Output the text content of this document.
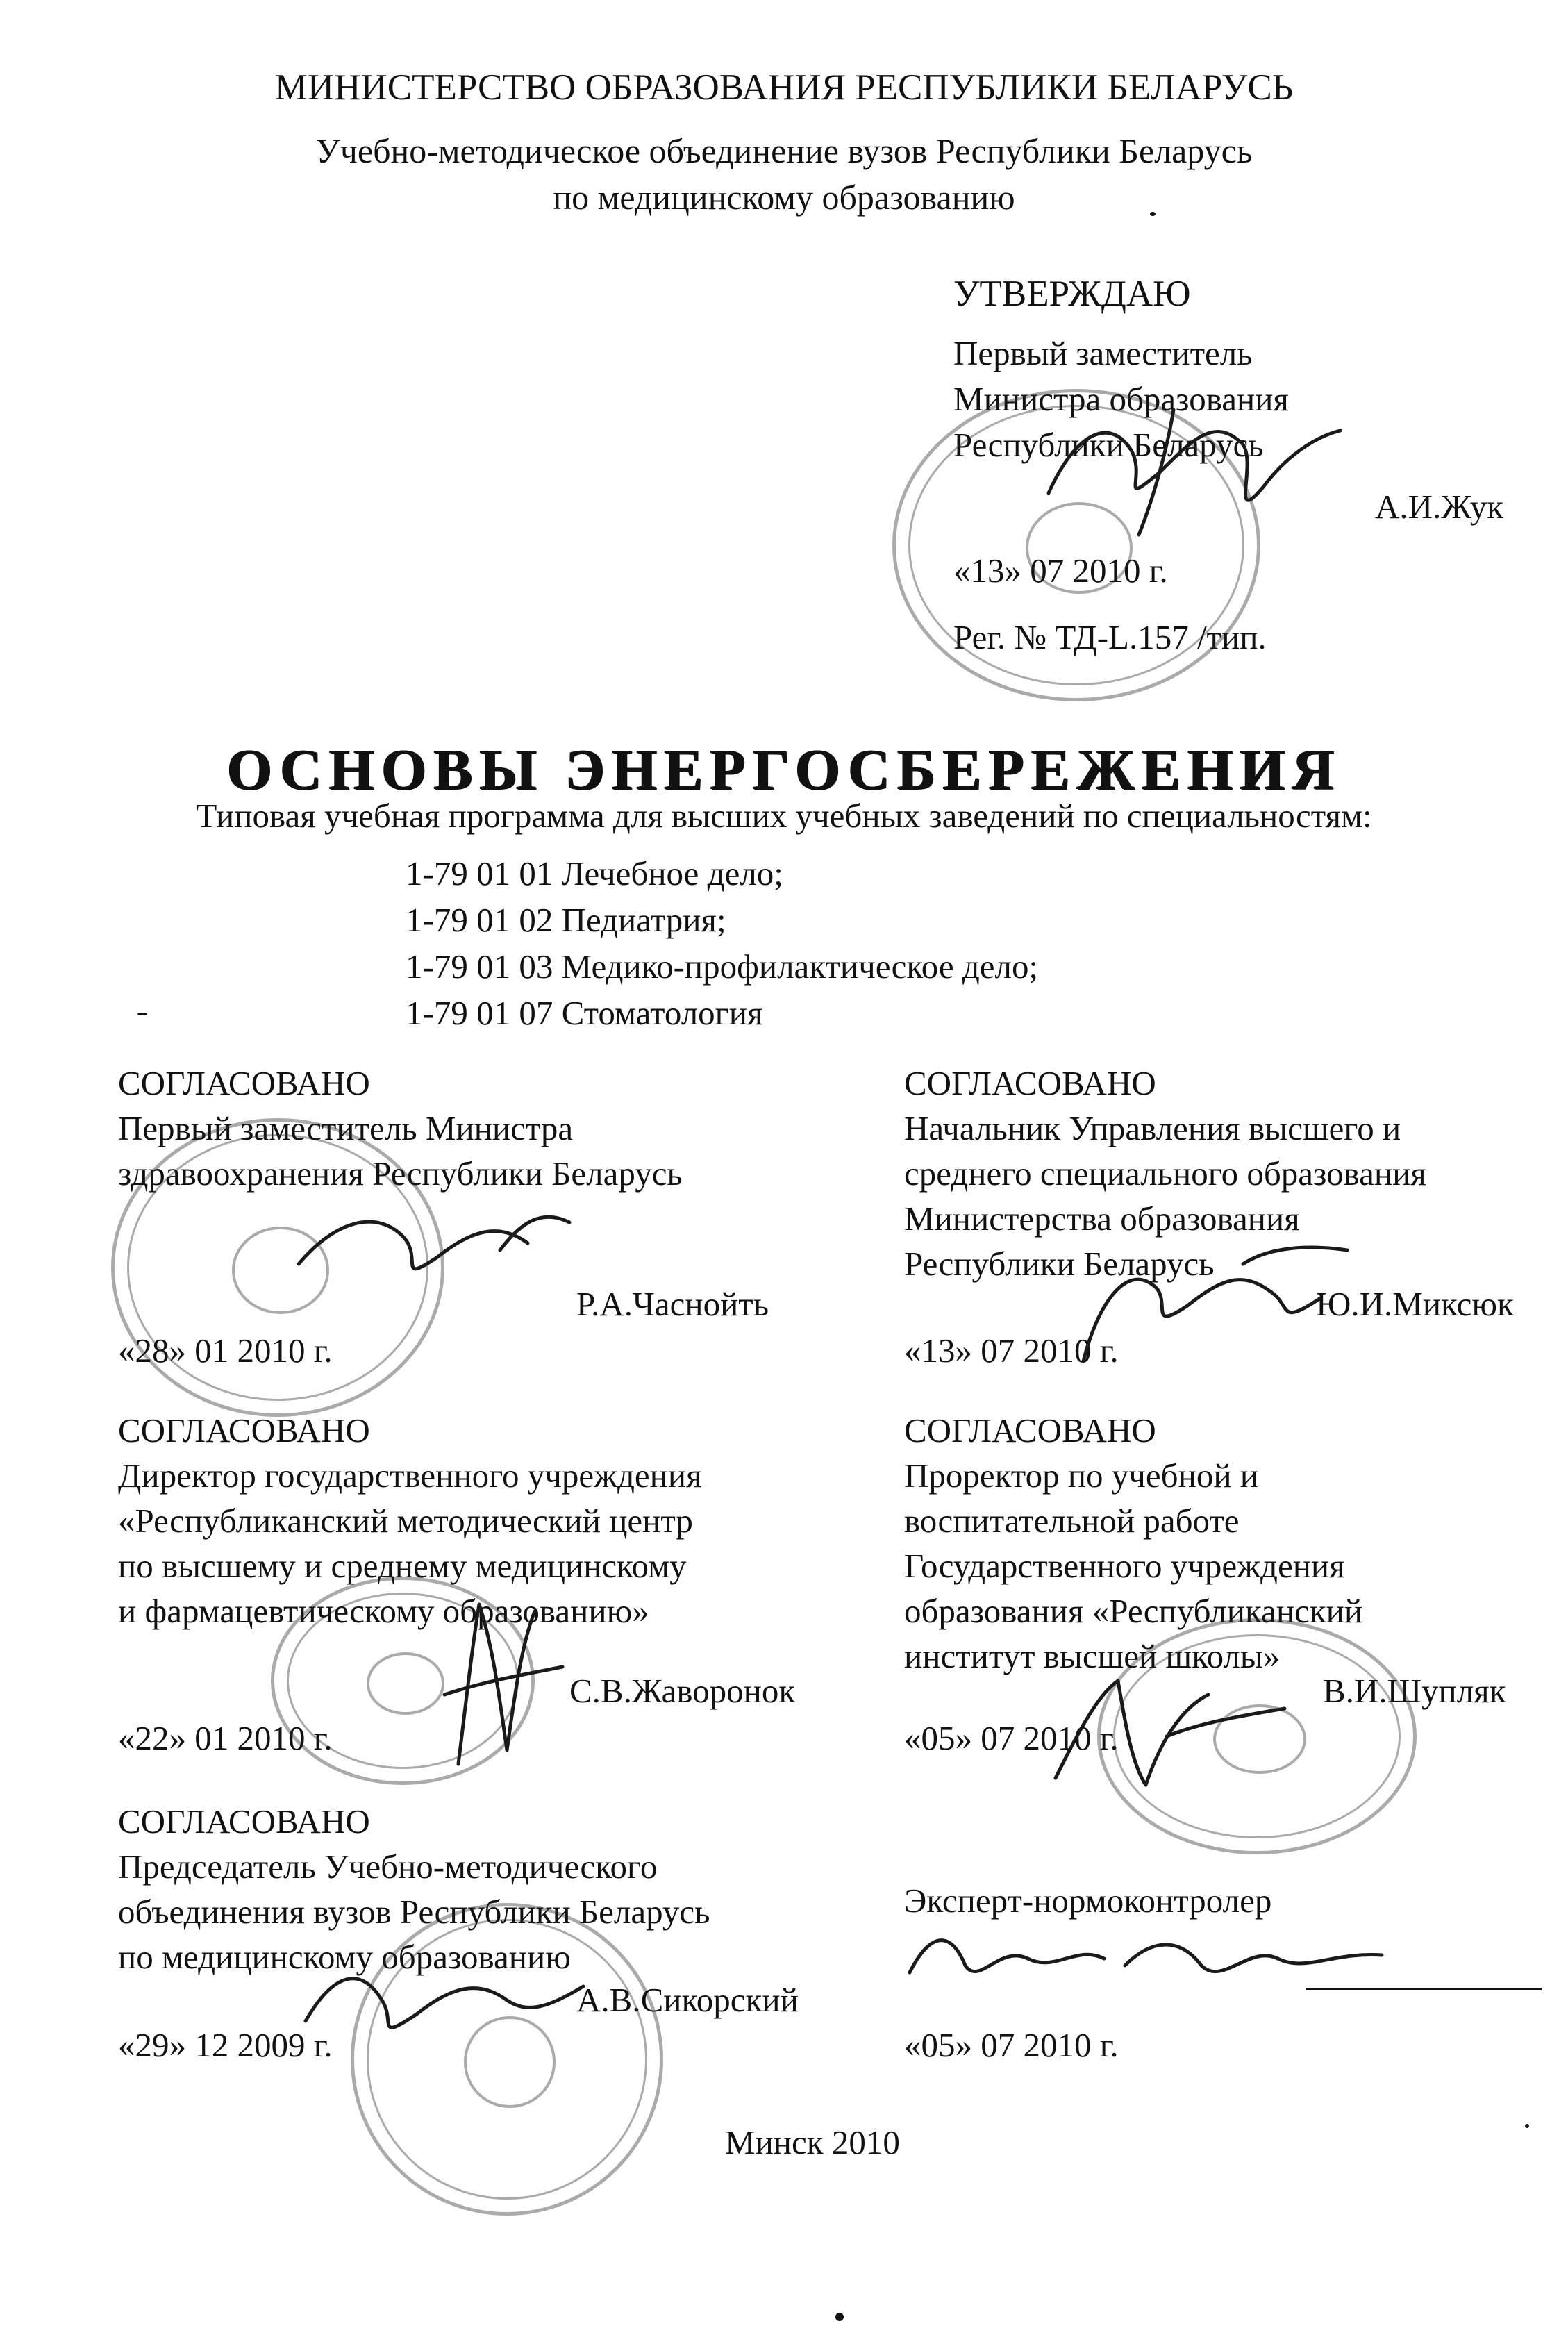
МИНИСТЕРСТВО ОБРАЗОВАНИЯ РЕСПУБЛИКИ БЕЛАРУСЬ
Учебно-методическое объединение вузов Республики Беларусь
по медицинскому образованию
УТВЕРЖДАЮ
Первый заместитель
Министра образования
Республики Беларусь
А.И.Жук
«13» 07 2010 г.
Рег. № ТД-L.157 /тип.
ОСНОВЫ ЭНЕРГОСБЕРЕЖЕНИЯ
Типовая учебная программа для высших учебных заведений по специальностям:
1-79 01 01 Лечебное дело;
1-79 01 02 Педиатрия;
1-79 01 03 Медико-профилактическое дело;
1-79 01 07 Стоматология
СОГЛАСОВАНО
Первый заместитель Министра
здравоохранения Республики Беларусь
Р.А.Часнойть
«28» 01 2010 г.
СОГЛАСОВАНО
Начальник Управления высшего и
среднего специального образования
Министерства образования
Республики Беларусь
Ю.И.Миксюк
«13» 07 2010 г.
СОГЛАСОВАНО
Директор государственного учреждения
«Республиканский методический центр
по высшему и среднему медицинскому
и фармацевтическому образованию»
С.В.Жаворонок
«22» 01 2010 г.
СОГЛАСОВАНО
Проректор по учебной и
воспитательной работе
Государственного учреждения
образования «Республиканский
институт высшей школы»
В.И.Шупляк
«05» 07 2010 г.
СОГЛАСОВАНО
Председатель Учебно-методического
объединения вузов Республики Беларусь
по медицинскому образованию
А.В.Сикорский
«29» 12 2009 г.
Эксперт-нормоконтролер
«05» 07 2010 г.
Минск 2010
